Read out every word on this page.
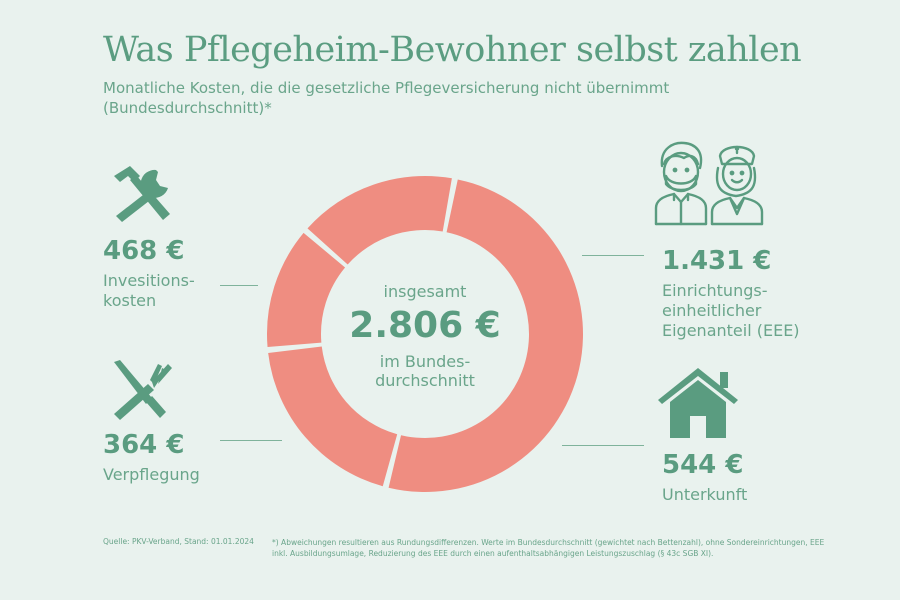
Was Pflegeheim-Bewohner selbst zahlen
Monatliche Kosten, die die gesetzliche Pflegeversicherung nicht übernimmt (Bundesdurchschnitt)*
insgesamt
2.806 €
im Bundes-durchschnitt
468 €
Invesitions-kosten
364 €
Verpflegung
1.431 €
Einrichtungs-einheitlicher Eigenanteil (EEE)
544 €
Unterkunft
Quelle: PKV-Verband, Stand: 01.01.2024 *) Abweichungen resultieren aus Rundungsdifferenzen. Werte im Bundesdurchschnitt (gewichtet nach Bettenzahl), ohne Sondereinrichtungen, EEE inkl. Ausbildungsumlage, Reduzierung des EEE durch einen aufenthaltsabhängigen Leistungszuschlag (§ 43c SGB XI).
